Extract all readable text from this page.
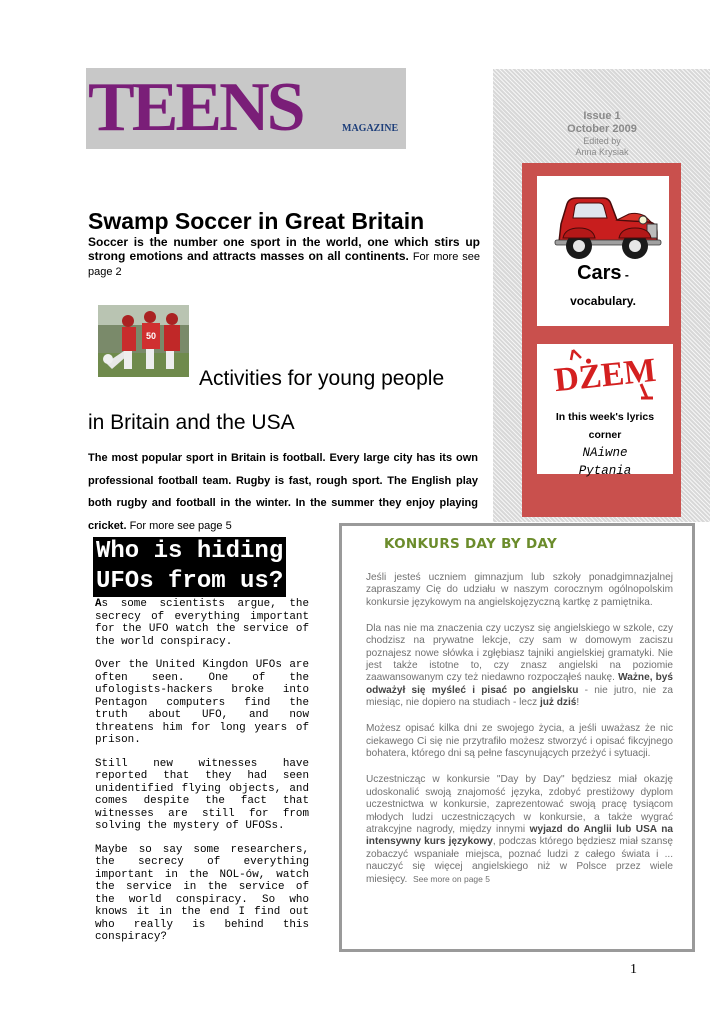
TEENS	MAGAZINE
Issue 1
October 2009
Edited by
Anna Krysiak
Cars -
vocabulary.
DŻEM
In this week's lyrics corner
NAiwne
Pytania
Swamp Soccer in Great Britain
Soccer is the number one sport in the world, one which stirs up strong emotions and attracts masses on all continents. For more see page 2
50
Activities for young people
in Britain and the USA
The most popular sport in Britain is football. Every large city has its own professional football team. Rugby is fast, rough sport. The English play both rugby and football in the winter. In the summer they enjoy playing cricket. For more see page 5
Who is hiding
UFOs from us?

As some scientists argue, the secrecy of everything important for the UFO watch the service of the world conspiracy.

Over the United Kingdon UFOs are often seen. One of the ufologists-hackers broke into Pentagon computers find the truth about UFO, and now threatens him for long years of prison.

Still new witnesses have reported that they had seen unidentified flying objects, and comes despite the fact that witnesses are still for from solving the mystery of UFOSs.

Maybe so say some researchers, the secrecy of everything important in the NOL-ów, watch the service in the service of the world conspiracy. So who knows it in the end I find out who really is behind this conspiracy?

KONKURS DAY BY DAY

Jeśli jesteś uczniem gimnazjum lub szkoły ponadgimnazjalnej zapraszamy Cię do udziału w naszym corocznym ogólnopolskim konkursie językowym na angielskojęzyczną kartkę z pamiętnika.

Dla nas nie ma znaczenia czy uczysz się angielskiego w szkole, czy chodzisz na prywatne lekcje, czy sam w domowym zaciszu poznajesz nowe słówka i zgłębiasz tajniki angielskiej gramatyki. Nie jest także istotne to, czy znasz angielski na poziomie zaawansowanym czy też niedawno rozpocząłeś naukę. Ważne, byś odważył się myśleć i pisać po angielsku - nie jutro, nie za miesiąc, nie dopiero na studiach - lecz już dziś!

Możesz opisać kilka dni ze swojego życia, a jeśli uważasz że nic ciekawego Ci się nie przytrafiło możesz stworzyć i opisać fikcyjnego bohatera, którego dni są pełne fascynujących przeżyć i sytuacji.

Uczestnicząc w konkursie "Day by Day" będziesz miał okazję udoskonalić swoją znajomość języka, zdobyć prestiżowy dyplom uczestnictwa w konkursie, zaprezentować swoją pracę tysiącom młodych ludzi uczestniczących w konkursie, a także wygrać atrakcyjne nagrody, między innymi wyjazd do Anglii lub USA na intensywny kurs językowy, podczas którego będziesz miał szansę zobaczyć wspaniałe miejsca, poznać ludzi z całego świata i ... nauczyć się więcej angielskiego niż w Polsce przez wiele miesięcy. See more on page 5

1
